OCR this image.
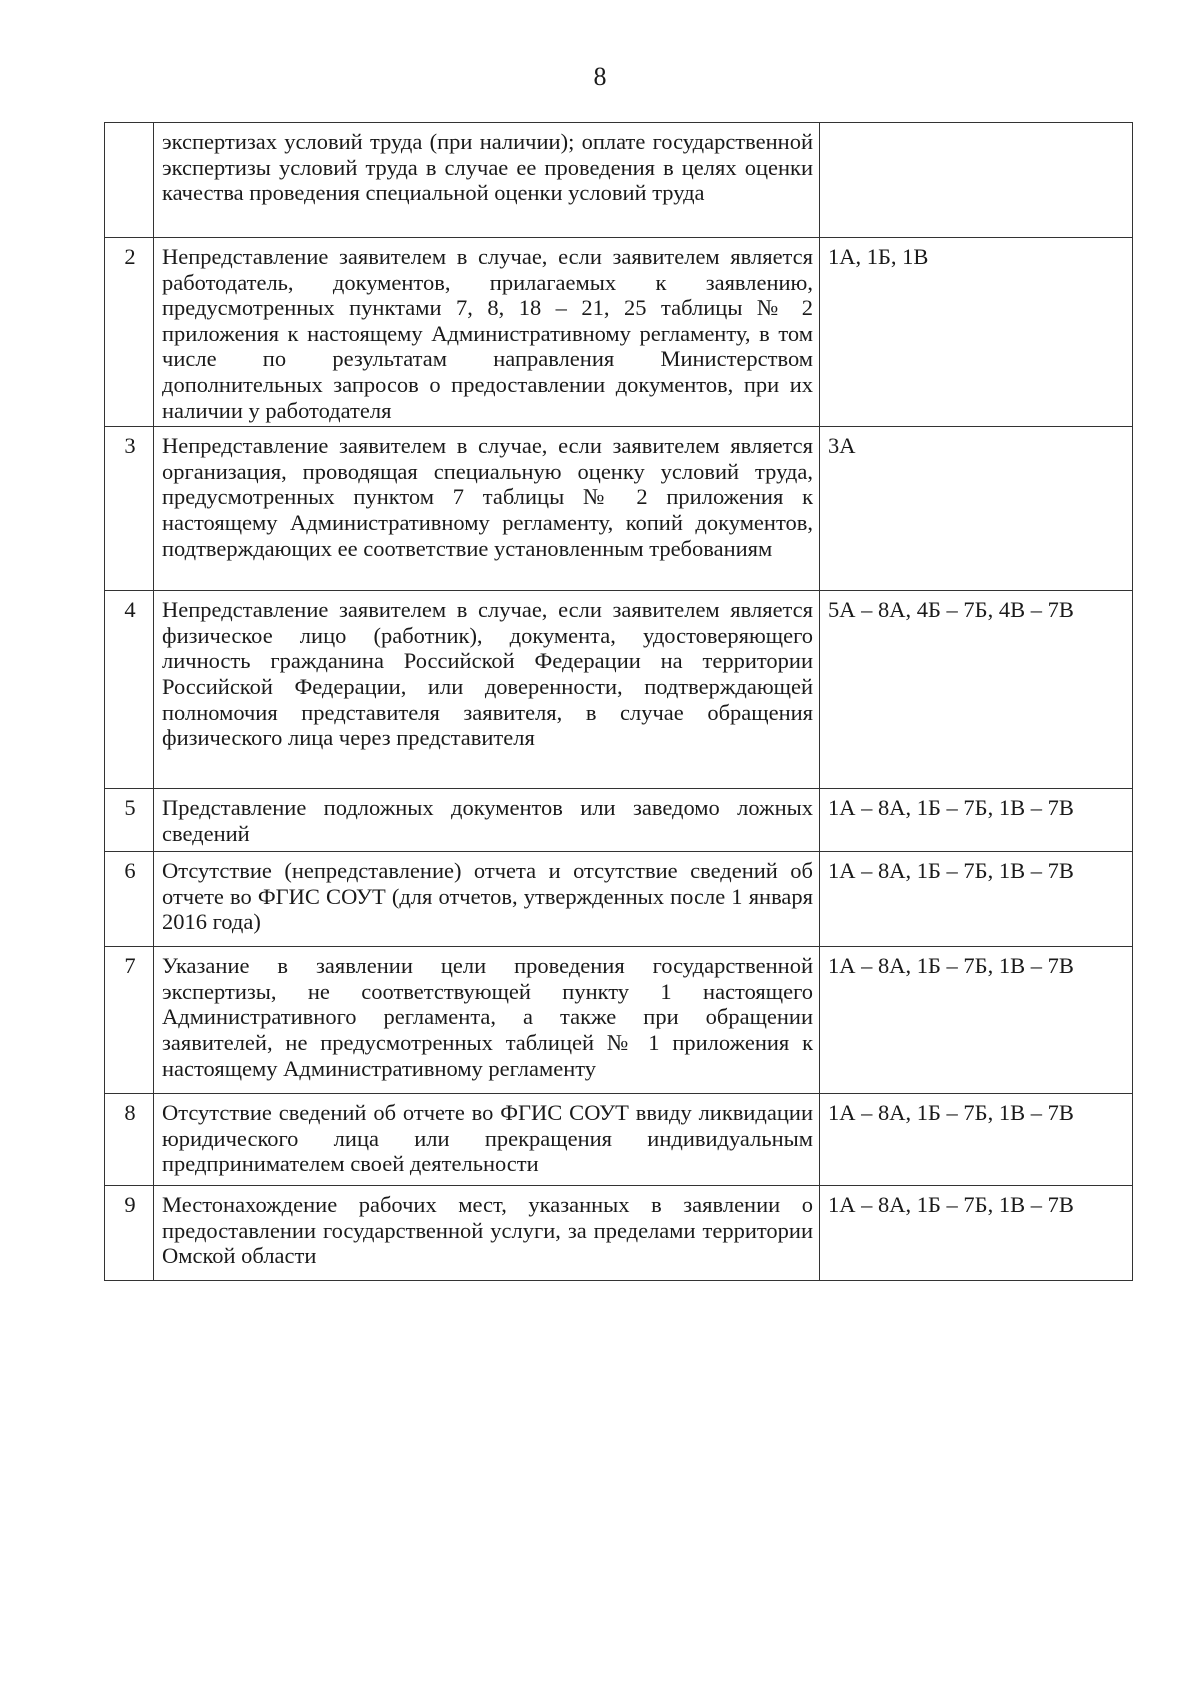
8
	экспертизах условий труда (при наличии); оплате государственной экспертизы условий труда в случае ее проведения в целях оценки качества проведения специальной оценки условий труда	
2	Непредставление заявителем в случае, если заявителем является работодатель, документов, прилагаемых к заявлению, предусмотренных пунктами 7, 8, 18 – 21, 25 таблицы № 2 приложения к настоящему Административному регламенту, в том числе по результатам направления Министерством дополнительных запросов о предоставлении документов, при их наличии у работодателя	1А, 1Б, 1В
3	Непредставление заявителем в случае, если заявителем является организация, проводящая специальную оценку условий труда, предусмотренных пунктом 7 таблицы № 2 приложения к настоящему Административному регламенту, копий документов, подтверждающих ее соответствие установленным требованиям	3А
4	Непредставление заявителем в случае, если заявителем является физическое лицо (работник), документа, удостоверяющего личность гражданина Российской Федерации на территории Российской Федерации, или доверенности, подтверждающей полномочия представителя заявителя, в случае обращения физического лица через представителя	5А – 8А, 4Б – 7Б, 4В – 7В
5	Представление подложных документов или заведомо ложных сведений	1А – 8А, 1Б – 7Б, 1В – 7В
6	Отсутствие (непредставление) отчета и отсутствие сведений об отчете во ФГИС СОУТ (для отчетов, утвержденных после 1 января 2016 года)	1А – 8А, 1Б – 7Б, 1В – 7В
7	Указание в заявлении цели проведения государственной экспертизы, не соответствующей пункту 1 настоящего Административного регламента, а также при обращении заявителей, не предусмотренных таблицей № 1 приложения к настоящему Административному регламенту	1А – 8А, 1Б – 7Б, 1В – 7В
8	Отсутствие сведений об отчете во ФГИС СОУТ ввиду ликвидации юридического лица или прекращения индивидуальным предпринимателем своей деятельности	1А – 8А, 1Б – 7Б, 1В – 7В
9	Местонахождение рабочих мест, указанных в заявлении о предоставлении государственной услуги, за пределами территории Омской области	1А – 8А, 1Б – 7Б, 1В – 7В
